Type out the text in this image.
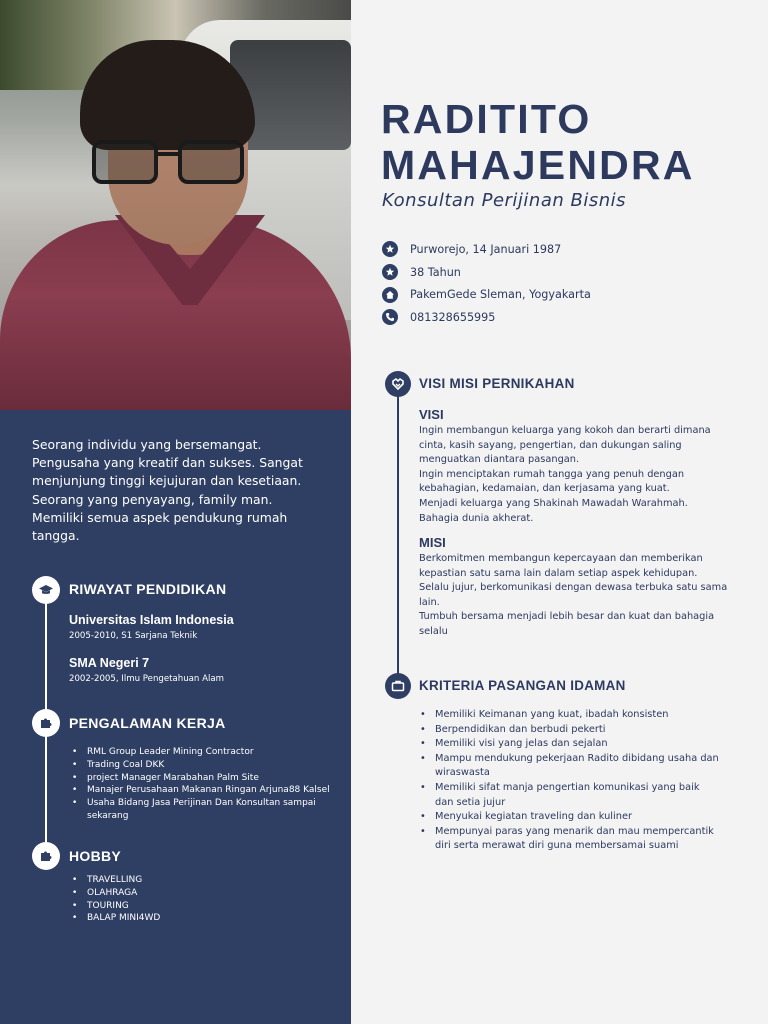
Seorang individu yang bersemangat. Pengusaha yang kreatif dan sukses. Sangat menjunjung tinggi kejujuran dan kesetiaan. Seorang yang penyayang, family man. Memiliki semua aspek pendukung rumah tangga.
RIWAYAT PENDIDIKAN
Universitas Islam Indonesia
2005-2010, S1 Sarjana Teknik
SMA Negeri 7
2002-2005, Ilmu Pengetahuan Alam
PENGALAMAN KERJA
• RML Group Leader Mining Contractor
• Trading Coal DKK
• project Manager Marabahan Palm Site
• Manajer Perusahaan Makanan Ringan Arjuna88 Kalsel
• Usaha Bidang Jasa Perijinan Dan Konsultan sampai sekarang
HOBBY
• TRAVELLING
• OLAHRAGA
• TOURING
• BALAP MINI4WD
RADITITO
MAHAJENDRA
Konsultan Perijinan Bisnis
Purworejo, 14 Januari 1987
38 Tahun
PakemGede Sleman, Yogyakarta
081328655995
VISI MISI PERNIKAHAN
VISI

Ingin membangun keluarga yang kokoh dan berarti dimana cinta, kasih sayang, pengertian, dan dukungan saling menguatkan diantara pasangan.

Ingin menciptakan rumah tangga yang penuh dengan kebahagian, kedamaian, dan kerjasama yang kuat.

Menjadi keluarga yang Shakinah Mawadah Warahmah.

Bahagia dunia akherat.

MISI

Berkomitmen membangun kepercayaan dan memberikan kepastian satu sama lain dalam setiap aspek kehidupan.

Selalu jujur, berkomunikasi dengan dewasa terbuka satu sama lain.

Tumbuh bersama menjadi lebih besar dan kuat dan bahagia selalu

KRITERIA PASANGAN IDAMAN
• Memiliki Keimanan yang kuat, ibadah konsisten
• Berpendidikan dan berbudi pekerti
• Memiliki visi yang jelas dan sejalan
• Mampu mendukung pekerjaan Radito dibidang usaha dan wiraswasta
• Memiliki sifat manja pengertian komunikasi yang baik dan setia jujur
• Menyukai kegiatan traveling dan kuliner
• Mempunyai paras yang menarik dan mau mempercantik diri serta merawat diri guna membersamai suami
